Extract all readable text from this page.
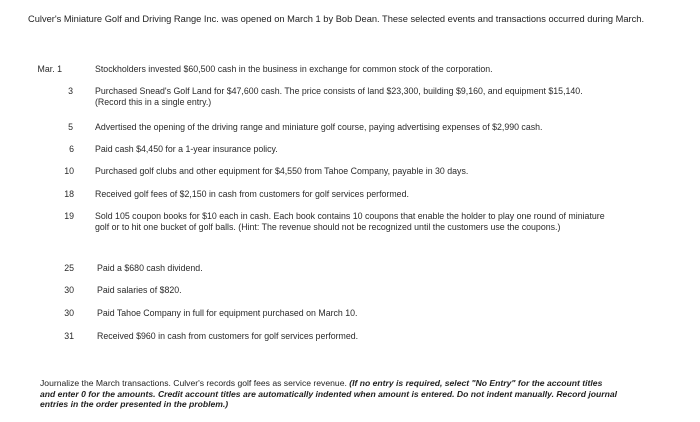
Culver's Miniature Golf and Driving Range Inc. was opened on March 1 by Bob Dean. These selected events and transactions occurred during March.
Mar. 1	Stockholders invested $60,500 cash in the business in exchange for common stock of the corporation.
3	Purchased Snead's Golf Land for $47,600 cash. The price consists of land $23,300, building $9,160, and equipment $15,140. (Record this in a single entry.)
5	Advertised the opening of the driving range and miniature golf course, paying advertising expenses of $2,990 cash.
6 Paid cash $4,450 for a 1-year insurance policy.
10 Purchased golf clubs and other equipment for $4,550 from Tahoe Company, payable in 30 days.
18 Received golf fees of $2,150 in cash from customers for golf services performed.
19 Sold 105 coupon books for $10 each in cash. Each book contains 10 coupons that enable the holder to play one round of miniature golf or to hit one bucket of golf balls. (Hint: The revenue should not be recognized until the customers use the coupons.)
25	Paid a $680 cash dividend.
30	Paid salaries of $820.
30	Paid Tahoe Company in full for equipment purchased on March 10.
31	Received $960 in cash from customers for golf services performed.
Journalize the March transactions. Culver's records golf fees as service revenue. (If no entry is required, select "No Entry" for the account titles and enter 0 for the amounts. Credit account titles are automatically indented when amount is entered. Do not indent manually. Record journal entries in the order presented in the problem.)
